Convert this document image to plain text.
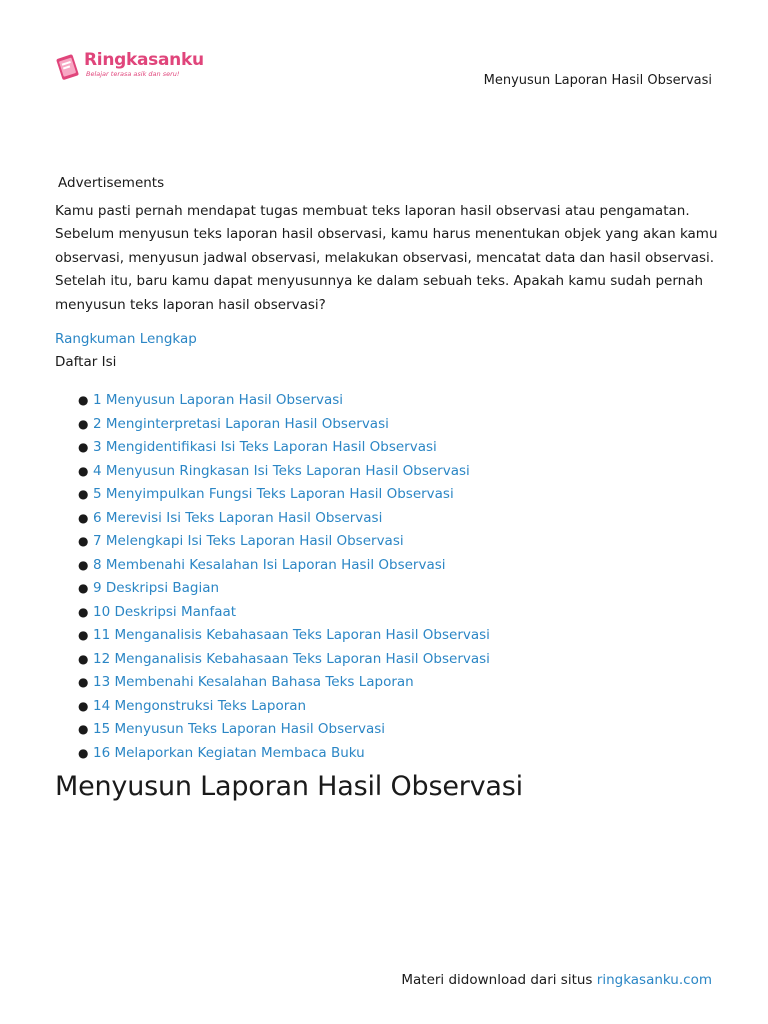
Ringkasanku
Belajar terasa asik dan seru!	Menyusun Laporan Hasil Observasi
Advertisements

Kamu pasti pernah mendapat tugas membuat teks laporan hasil observasi atau pengamatan. Sebelum menyusun teks laporan hasil observasi, kamu harus menentukan objek yang akan kamu observasi, menyusun jadwal observasi, melakukan observasi, mencatat data dan hasil observasi. Setelah itu, baru kamu dapat menyusunnya ke dalam sebuah teks. Apakah kamu sudah pernah menyusun teks laporan hasil observasi?

Rangkuman Lengkap
Daftar Isi
● 1 Menyusun Laporan Hasil Observasi
● 2 Menginterpretasi Laporan Hasil Observasi
● 3 Mengidentifikasi Isi Teks Laporan Hasil Observasi
● 4 Menyusun Ringkasan Isi Teks Laporan Hasil Observasi
● 5 Menyimpulkan Fungsi Teks Laporan Hasil Observasi
● 6 Merevisi Isi Teks Laporan Hasil Observasi
● 7 Melengkapi Isi Teks Laporan Hasil Observasi
● 8 Membenahi Kesalahan Isi Laporan Hasil Observasi
● 9 Deskripsi Bagian
● 10 Deskripsi Manfaat
● 11 Menganalisis Kebahasaan Teks Laporan Hasil Observasi
● 12 Menganalisis Kebahasaan Teks Laporan Hasil Observasi
● 13 Membenahi Kesalahan Bahasa Teks Laporan
● 14 Mengonstruksi Teks Laporan
● 15 Menyusun Teks Laporan Hasil Observasi
● 16 Melaporkan Kegiatan Membaca Buku
Menyusun Laporan Hasil Observasi
Materi didownload dari situs ringkasanku.com
